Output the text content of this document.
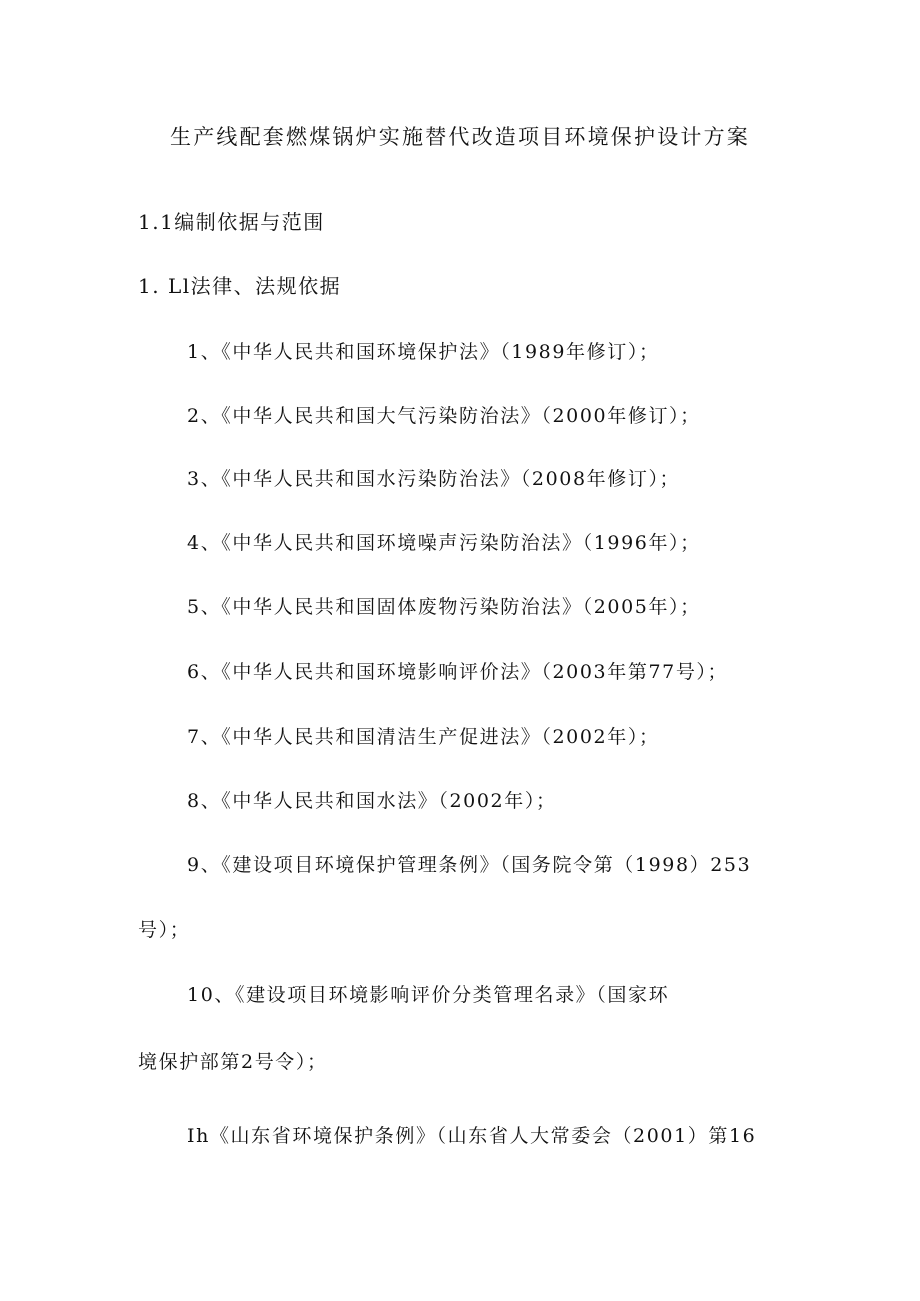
生产线配套燃煤锅炉实施替代改造项目环境保护设计方案
1.1编制依据与范围
1. Ll法律、法规依据
1、《中华人民共和国环境保护法》（1989年修订）；
2、《中华人民共和国大气污染防治法》（2000年修订）；
3、《中华人民共和国水污染防治法》（2008年修订）；
4、《中华人民共和国环境噪声污染防治法》（1996年）；
5、《中华人民共和国固体废物污染防治法》（2005年）；
6、《中华人民共和国环境影响评价法》（2003年第77号）；
7、《中华人民共和国清洁生产促进法》（2002年）；
8、《中华人民共和国水法》（2002年）；
9、《建设项目环境保护管理条例》（国务院令第（1998）253
号）；
10、《建设项目环境影响评价分类管理名录》（国家环
境保护部第2号令）；
Ih《山东省环境保护条例》（山东省人大常委会（2001）第16
